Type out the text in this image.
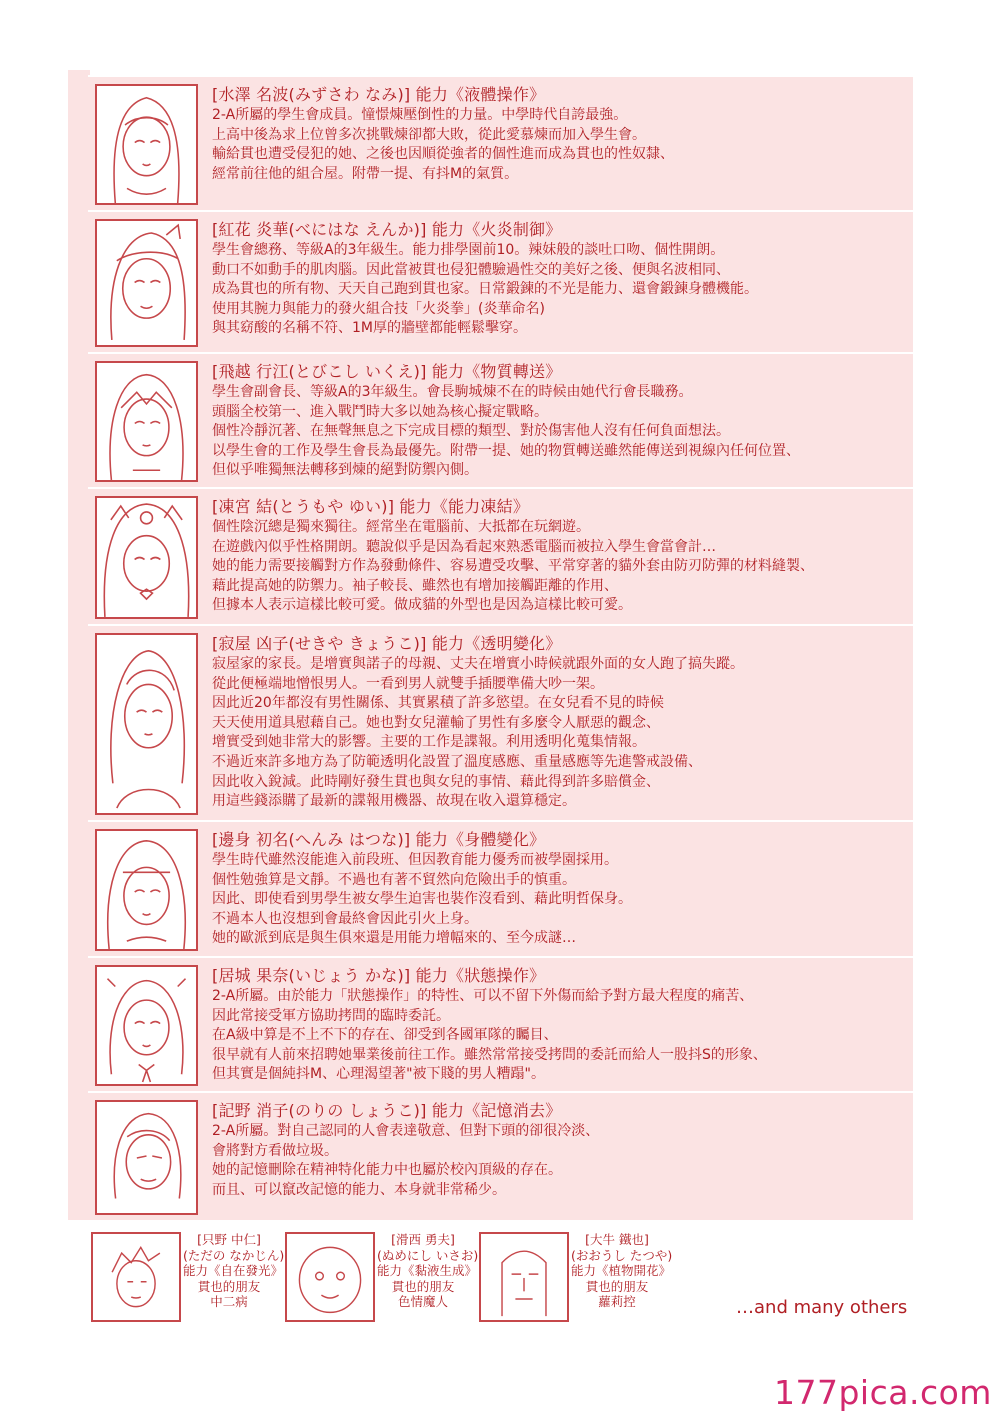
[水澤 名波(みずさわ なみ)] 能力《液體操作》
2-A所屬的學生會成員。憧憬煉壓倒性的力量。中學時代自誇最強。
上高中後為求上位曾多次挑戰煉卻都大敗，從此愛慕煉而加入學生會。
輸給貫也遭受侵犯的她、之後也因順從強者的個性進而成為貫也的性奴隸、
經常前往他的組合屋。附帶一提、有抖M的氣質。
[紅花 炎華(べにはな えんか)] 能力《火炎制御》
學生會總務、等級A的3年級生。能力排學園前10。辣妹般的談吐口吻、個性開朗。
動口不如動手的肌肉腦。因此當被貫也侵犯體驗過性交的美好之後、便與名波相同、
成為貫也的所有物、天天自己跑到貫也家。日常鍛鍊的不光是能力、還會鍛鍊身體機能。
使用其腕力與能力的發火組合技「火炎拳」(炎華命名)
與其窈酸的名稱不符、1M厚的牆壁都能輕鬆擊穿。
[飛越 行江(とびこし いくえ)] 能力《物質轉送》
學生會副會長、等級A的3年級生。會長駒城煉不在的時候由她代行會長職務。
頭腦全校第一、進入戰鬥時大多以她為核心擬定戰略。
個性冷靜沉著、在無聲無息之下完成目標的類型、對於傷害他人沒有任何負面想法。
以學生會的工作及學生會長為最優先。附帶一提、她的物質轉送雖然能傳送到視線內任何位置、
但似乎唯獨無法轉移到煉的絕對防禦內側。
[凍宮 結(とうもや ゆい)] 能力《能力凍結》
個性陰沉總是獨來獨往。經常坐在電腦前、大抵都在玩網遊。
在遊戲內似乎性格開朗。聽說似乎是因為看起來熟悉電腦而被拉入學生會當會計…
她的能力需要接觸對方作為發動條件、容易遭受攻擊、平常穿著的貓外套由防刃防彈的材料縫製、
藉此提高她的防禦力。袖子較長、雖然也有增加接觸距離的作用、
但據本人表示這樣比較可愛。做成貓的外型也是因為這樣比較可愛。
[寂屋 凶子(せきや きょうこ)] 能力《透明變化》
寂屋家的家長。是增實與諾子的母親、丈夫在增實小時候就跟外面的女人跑了搞失蹤。
從此便極端地憎恨男人。一看到男人就雙手插腰準備大吵一架。
因此近20年都沒有男性關係、其實累積了許多慾望。在女兒看不見的時候
天天使用道具慰藉自己。她也對女兒灌輸了男性有多麼令人厭惡的觀念、
增實受到她非常大的影響。主要的工作是諜報。利用透明化蒐集情報。
不過近來許多地方為了防範透明化設置了溫度感應、重量感應等先進警戒設備、
因此收入銳減。此時剛好發生貫也與女兒的事情、藉此得到許多賠償金、
用這些錢添購了最新的諜報用機器、故現在收入還算穩定。
[邊身 初名(へんみ はつな)] 能力《身體變化》
學生時代雖然沒能進入前段班、但因教育能力優秀而被學園採用。
個性勉強算是文靜。不過也有著不貿然向危險出手的慎重。
因此、即使看到男學生被女學生迫害也裝作沒看到、藉此明哲保身。
不過本人也沒想到會最終會因此引火上身。
她的歐派到底是與生俱來還是用能力增幅來的、至今成謎…
[居城 果奈(いじょう かな)] 能力《狀態操作》
2-A所屬。由於能力「狀態操作」的特性、可以不留下外傷而給予對方最大程度的痛苦、
因此常接受軍方協助拷問的臨時委託。
在A級中算是不上不下的存在、卻受到各國軍隊的矚目、
很早就有人前來招聘她畢業後前往工作。雖然常常接受拷問的委託而給人一股抖S的形象、
但其實是個純抖M、心理渴望著"被下賤的男人糟蹋"。
[記野 消子(のりの しょうこ)] 能力《記憶消去》
2-A所屬。對自己認同的人會表達敬意、但對下頭的卻很冷淡、
會將對方看做垃圾。
她的記憶刪除在精神特化能力中也屬於校內頂級的存在。
而且、可以竄改記憶的能力、本身就非常稀少。
[只野 中仁]
(ただの なかじん)
能力《自在發光》
貫也的朋友
中二病
[滑西 勇夫]
(ぬめにし いさお)
能力《黏液生成》
貫也的朋友
色情魔人
[大牛 鐵也]
(おおうし たつや)
能力《植物開花》
貫也的朋友
蘿莉控	…and many others
177pica.com
